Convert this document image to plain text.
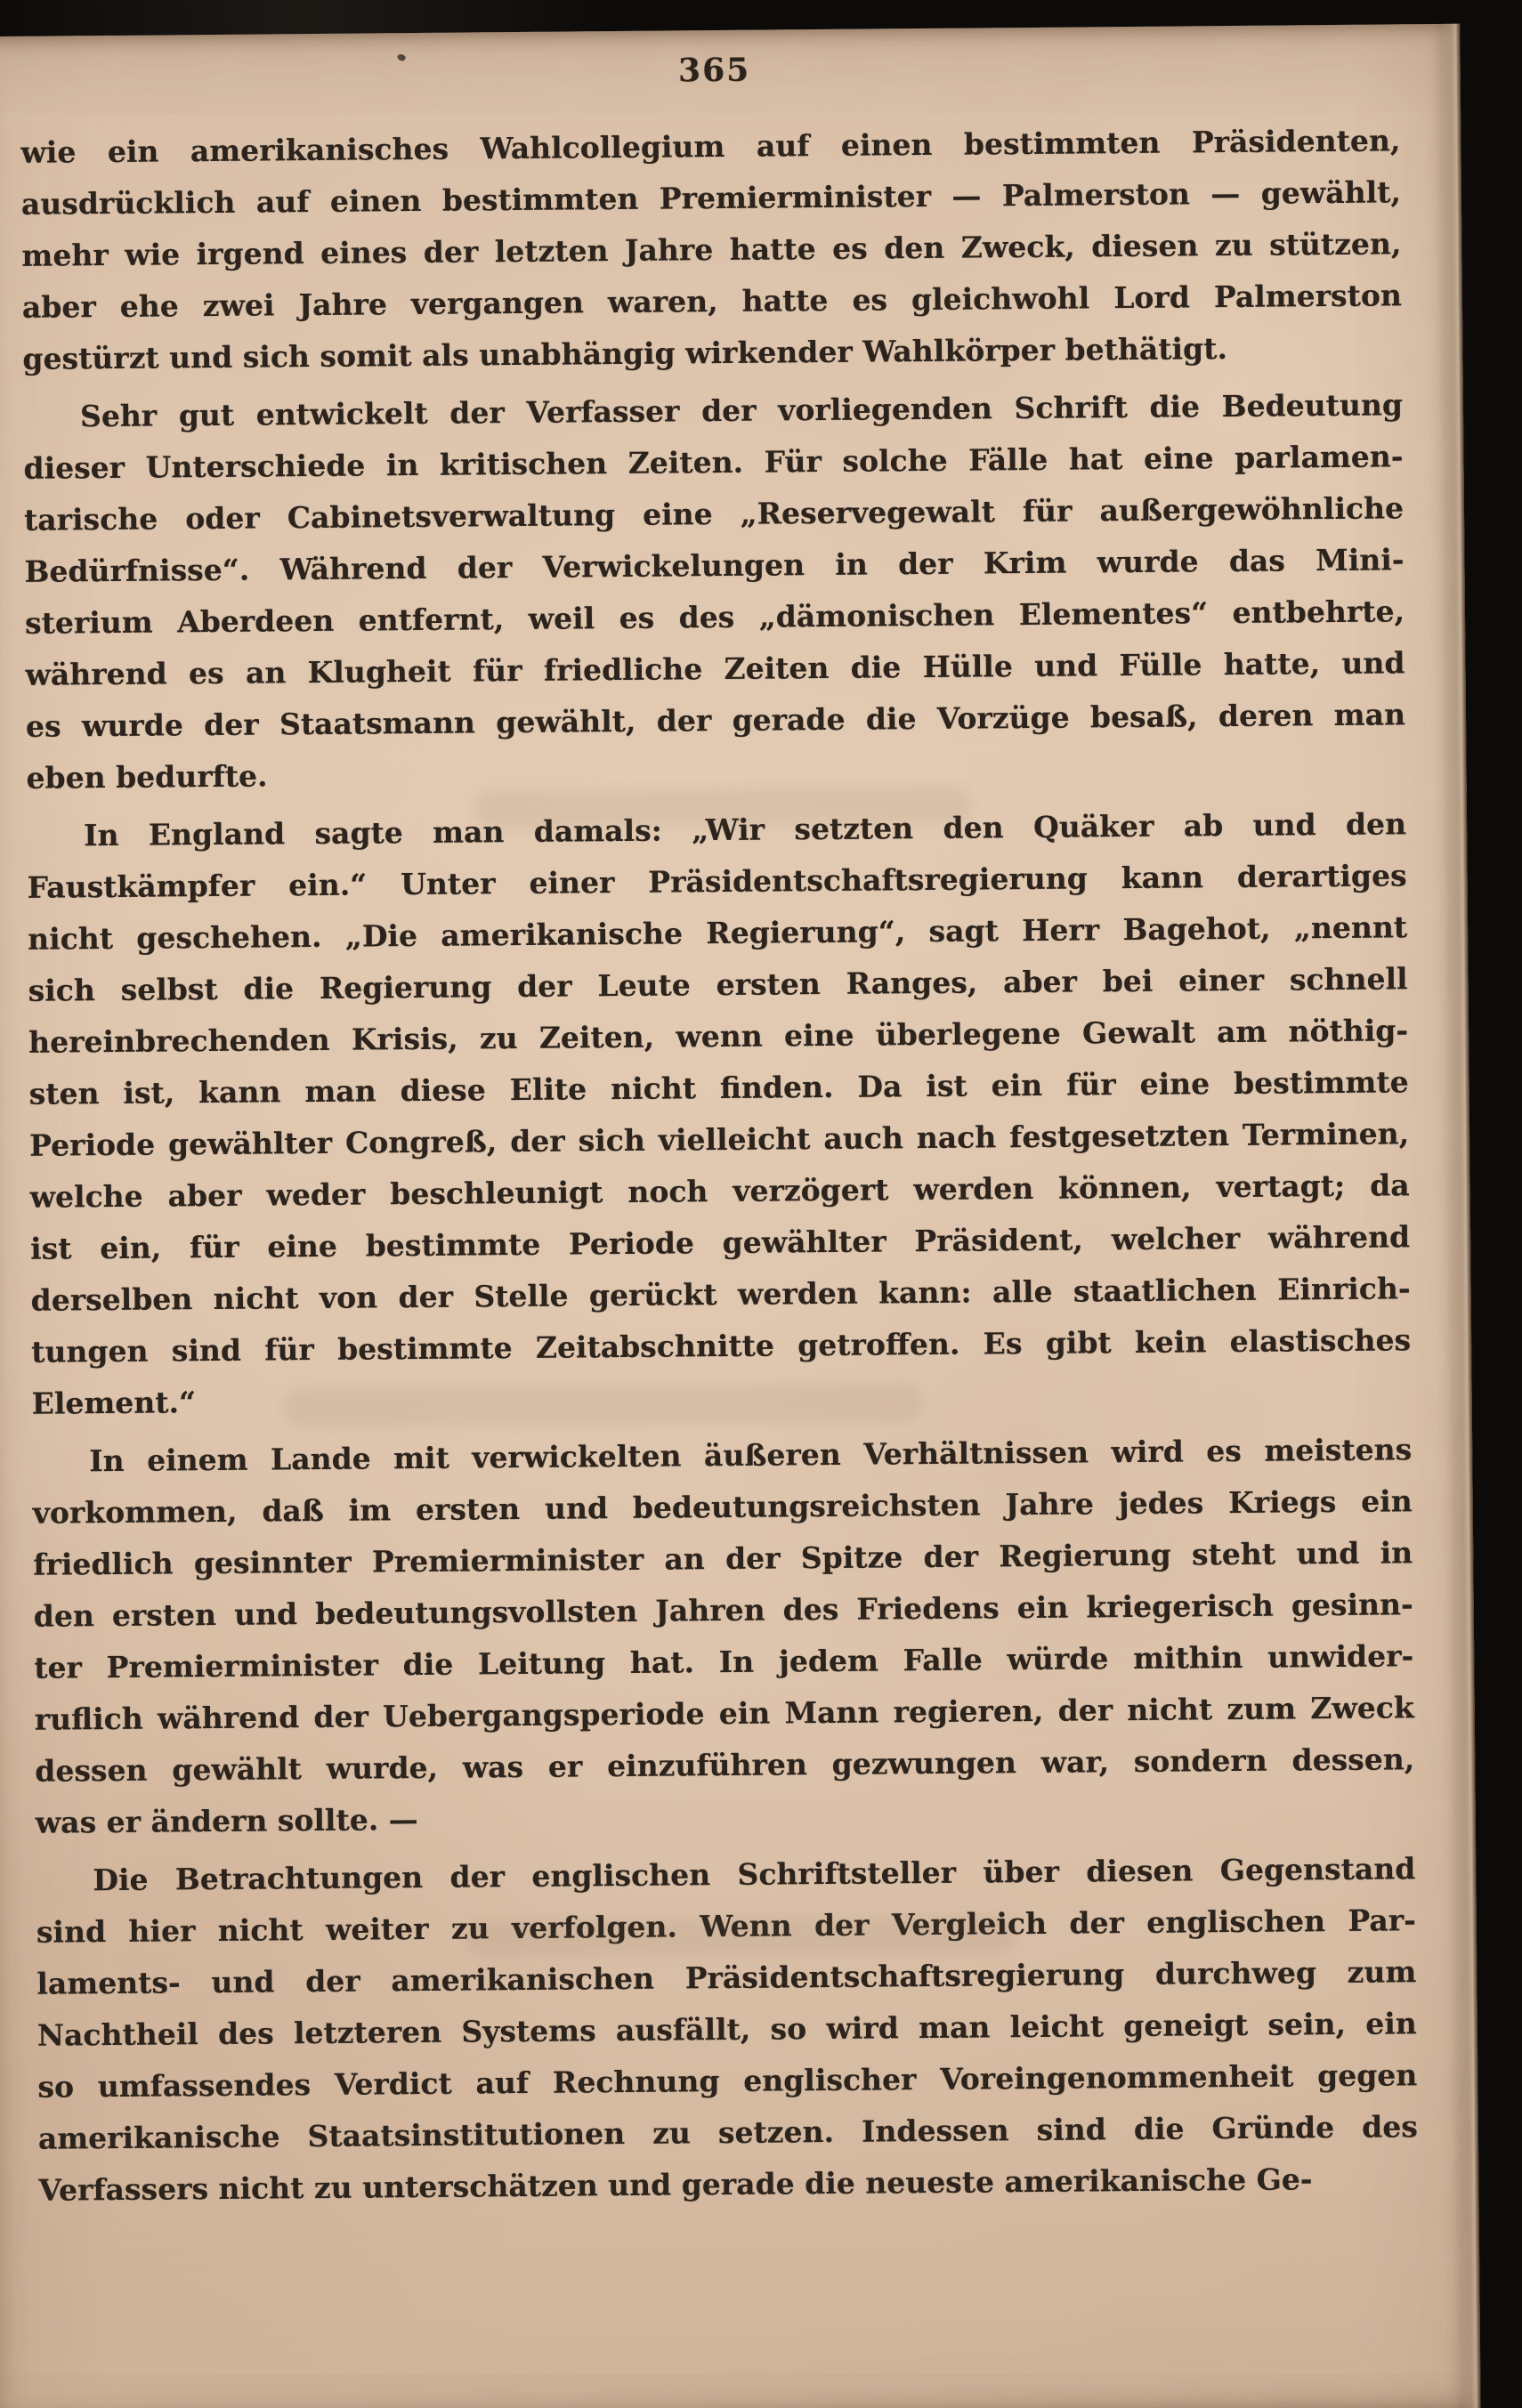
365
wie ein amerikanisches Wahlcollegium auf einen bestimmten Präsidenten,
ausdrücklich auf einen bestimmten Premierminister — Palmerston — gewählt,
mehr wie irgend eines der letzten Jahre hatte es den Zweck, diesen zu stützen,
aber ehe zwei Jahre vergangen waren, hatte es gleichwohl Lord Palmerston
gestürzt und sich somit als unabhängig wirkender Wahlkörper bethätigt.
Sehr gut entwickelt der Verfasser der vorliegenden Schrift die Bedeutung
dieser Unterschiede in kritischen Zeiten. Für solche Fälle hat eine parlamen-
tarische oder Cabinetsverwaltung eine „Reservegewalt für außergewöhnliche
Bedürfnisse“. Während der Verwickelungen in der Krim wurde das Mini-
sterium Aberdeen entfernt, weil es des „dämonischen Elementes“ entbehrte,
während es an Klugheit für friedliche Zeiten die Hülle und Fülle hatte, und
es wurde der Staatsmann gewählt, der gerade die Vorzüge besaß, deren man
eben bedurfte.
In England sagte man damals: „Wir setzten den Quäker ab und den
Faustkämpfer ein.“ Unter einer Präsidentschaftsregierung kann derartiges
nicht geschehen. „Die amerikanische Regierung“, sagt Herr Bagehot, „nennt
sich selbst die Regierung der Leute ersten Ranges, aber bei einer schnell
hereinbrechenden Krisis, zu Zeiten, wenn eine überlegene Gewalt am nöthig-
sten ist, kann man diese Elite nicht finden. Da ist ein für eine bestimmte
Periode gewählter Congreß, der sich vielleicht auch nach festgesetzten Terminen,
welche aber weder beschleunigt noch verzögert werden können, vertagt; da
ist ein, für eine bestimmte Periode gewählter Präsident, welcher während
derselben nicht von der Stelle gerückt werden kann: alle staatlichen Einrich-
tungen sind für bestimmte Zeitabschnitte getroffen. Es gibt kein elastisches
Element.“
In einem Lande mit verwickelten äußeren Verhältnissen wird es meistens
vorkommen, daß im ersten und bedeutungsreichsten Jahre jedes Kriegs ein
friedlich gesinnter Premierminister an der Spitze der Regierung steht und in
den ersten und bedeutungsvollsten Jahren des Friedens ein kriegerisch gesinn-
ter Premierminister die Leitung hat. In jedem Falle würde mithin unwider-
ruflich während der Uebergangsperiode ein Mann regieren, der nicht zum Zweck
dessen gewählt wurde, was er einzuführen gezwungen war, sondern dessen,
was er ändern sollte. —
Die Betrachtungen der englischen Schriftsteller über diesen Gegenstand
sind hier nicht weiter zu verfolgen. Wenn der Vergleich der englischen Par-
laments- und der amerikanischen Präsidentschaftsregierung durchweg zum
Nachtheil des letzteren Systems ausfällt, so wird man leicht geneigt sein, ein
so umfassendes Verdict auf Rechnung englischer Voreingenommenheit gegen
amerikanische Staatsinstitutionen zu setzen. Indessen sind die Gründe des
Verfassers nicht zu unterschätzen und gerade die neueste amerikanische Ge-
